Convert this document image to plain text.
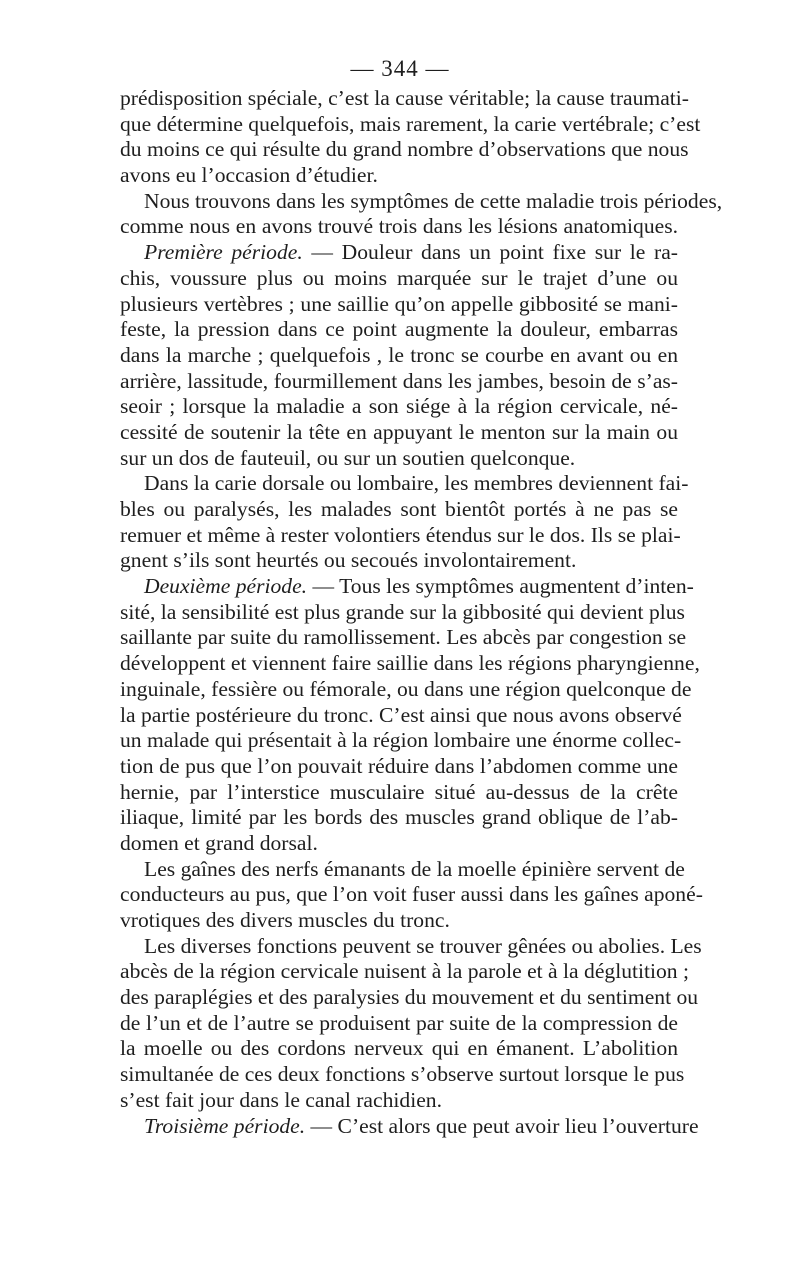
— 344 —
prédisposition spéciale, c’est la cause véritable; la cause traumati-
que détermine quelquefois, mais rarement, la carie vertébrale; c’est
du moins ce qui résulte du grand nombre d’observations que nous
avons eu l’occasion d’étudier.
Nous trouvons dans les symptômes de cette maladie trois périodes,
comme nous en avons trouvé trois dans les lésions anatomiques.
Première période. — Douleur dans un point fixe sur le ra-
chis, voussure plus ou moins marquée sur le trajet d’une ou
plusieurs vertèbres ; une saillie qu’on appelle gibbosité se mani-
feste, la pression dans ce point augmente la douleur, embarras
dans la marche ; quelquefois , le tronc se courbe en avant ou en
arrière, lassitude, fourmillement dans les jambes, besoin de s’as-
seoir ; lorsque la maladie a son siége à la région cervicale, né-
cessité de soutenir la tête en appuyant le menton sur la main ou
sur un dos de fauteuil, ou sur un soutien quelconque.
Dans la carie dorsale ou lombaire, les membres deviennent fai-
bles ou paralysés, les malades sont bientôt portés à ne pas se
remuer et même à rester volontiers étendus sur le dos. Ils se plai-
gnent s’ils sont heurtés ou secoués involontairement.
Deuxième période. — Tous les symptômes augmentent d’inten-
sité, la sensibilité est plus grande sur la gibbosité qui devient plus
saillante par suite du ramollissement. Les abcès par congestion se
développent et viennent faire saillie dans les régions pharyngienne,
inguinale, fessière ou fémorale, ou dans une région quelconque de
la partie postérieure du tronc. C’est ainsi que nous avons observé
un malade qui présentait à la région lombaire une énorme collec-
tion de pus que l’on pouvait réduire dans l’abdomen comme une
hernie, par l’interstice musculaire situé au-dessus de la crête
iliaque, limité par les bords des muscles grand oblique de l’ab-
domen et grand dorsal.
Les gaînes des nerfs émanants de la moelle épinière servent de
conducteurs au pus, que l’on voit fuser aussi dans les gaînes aponé-
vrotiques des divers muscles du tronc.
Les diverses fonctions peuvent se trouver gênées ou abolies. Les
abcès de la région cervicale nuisent à la parole et à la déglutition ;
des paraplégies et des paralysies du mouvement et du sentiment ou
de l’un et de l’autre se produisent par suite de la compression de
la moelle ou des cordons nerveux qui en émanent. L’abolition
simultanée de ces deux fonctions s’observe surtout lorsque le pus
s’est fait jour dans le canal rachidien.
Troisième période. — C’est alors que peut avoir lieu l’ouverture
